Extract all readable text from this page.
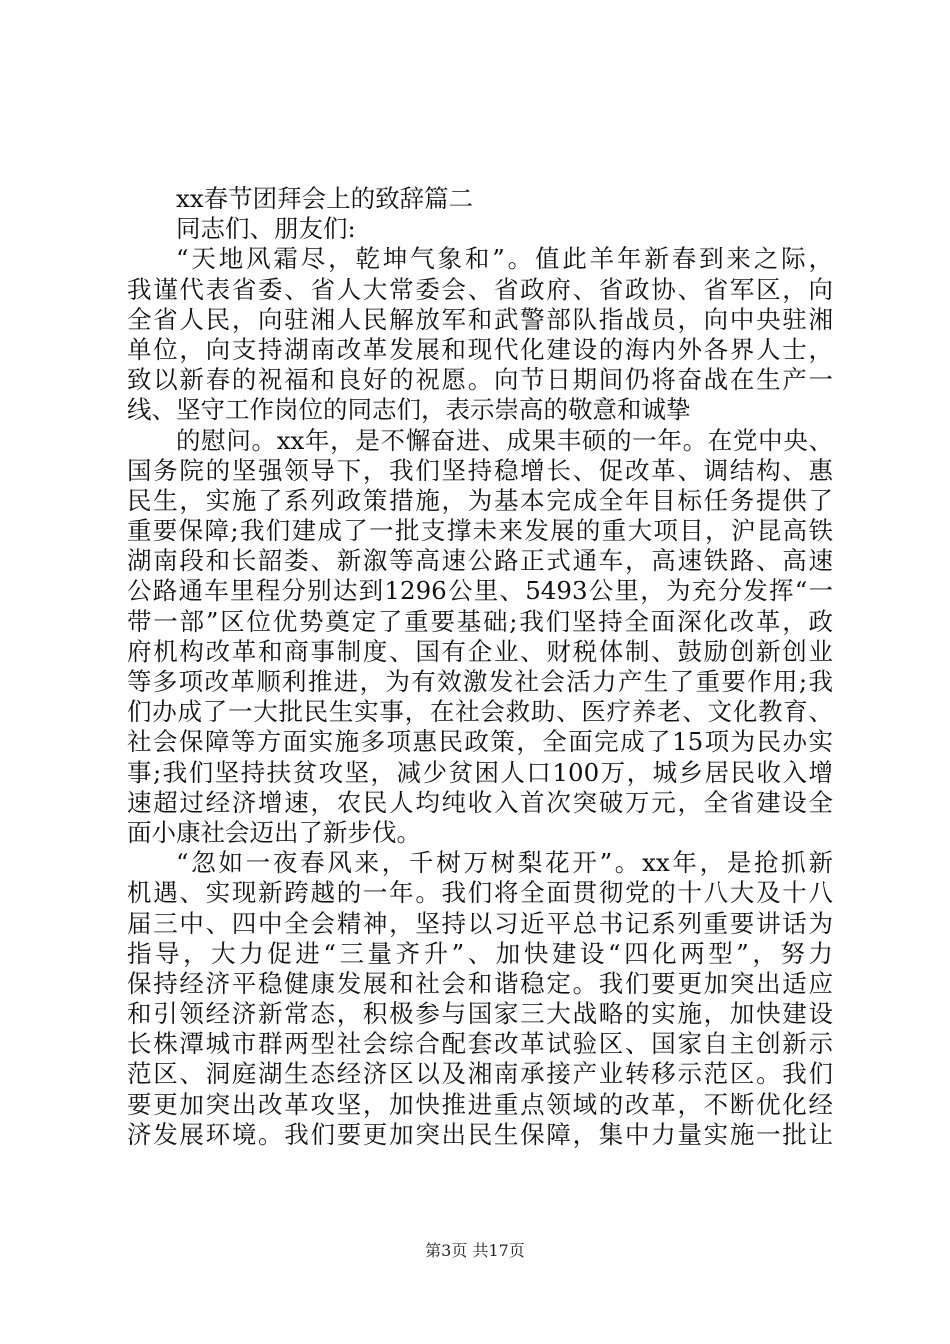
xx春节团拜会上的致辞篇二
同志们、朋友们:
“天地风霜尽，乾坤气象和”。值此羊年新春到来之际，
我谨代表省委、省人大常委会、省政府、省政协、省军区，向
全省人民，向驻湘人民解放军和武警部队指战员，向中央驻湘
单位，向支持湖南改革发展和现代化建设的海内外各界人士，
致以新春的祝福和良好的祝愿。向节日期间仍将奋战在生产一
线、坚守工作岗位的同志们，表示崇高的敬意和诚挚
的慰问。xx年，是不懈奋进、成果丰硕的一年。在党中央、
国务院的坚强领导下，我们坚持稳增长、促改革、调结构、惠
民生，实施了系列政策措施，为基本完成全年目标任务提供了
重要保障;我们建成了一批支撑未来发展的重大项目，沪昆高铁
湖南段和长韶娄、新溆等高速公路正式通车，高速铁路、高速
公路通车里程分别达到1296公里、5493公里，为充分发挥“一
带一部”区位优势奠定了重要基础;我们坚持全面深化改革，政
府机构改革和商事制度、国有企业、财税体制、鼓励创新创业
等多项改革顺利推进，为有效激发社会活力产生了重要作用;我
们办成了一大批民生实事，在社会救助、医疗养老、文化教育、
社会保障等方面实施多项惠民政策，全面完成了15项为民办实
事;我们坚持扶贫攻坚，减少贫困人口100万，城乡居民收入增
速超过经济增速，农民人均纯收入首次突破万元，全省建设全
面小康社会迈出了新步伐。
“忽如一夜春风来，千树万树梨花开”。xx年，是抢抓新
机遇、实现新跨越的一年。我们将全面贯彻党的十八大及十八
届三中、四中全会精神，坚持以习近平总书记系列重要讲话为
指导，大力促进“三量齐升”、加快建设“四化两型”，努力
保持经济平稳健康发展和社会和谐稳定。我们要更加突出适应
和引领经济新常态，积极参与国家三大战略的实施，加快建设
长株潭城市群两型社会综合配套改革试验区、国家自主创新示
范区、洞庭湖生态经济区以及湘南承接产业转移示范区。我们
要更加突出改革攻坚，加快推进重点领域的改革，不断优化经
济发展环境。我们要更加突出民生保障，集中力量实施一批让
第3页 共17页
